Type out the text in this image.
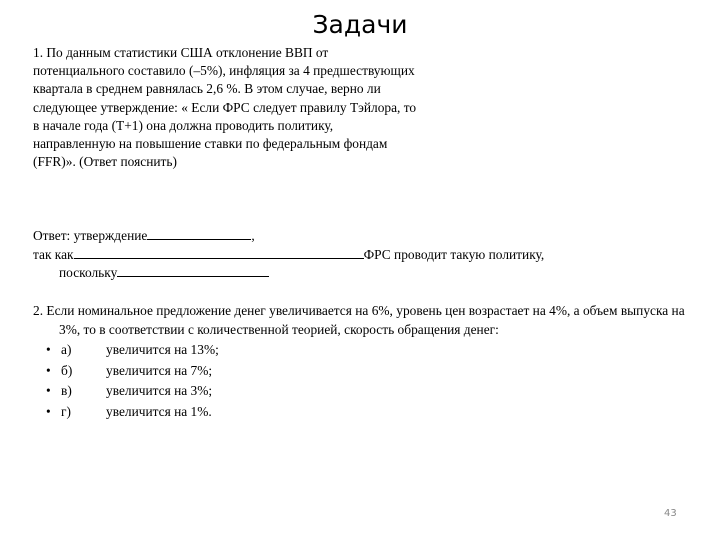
Задачи
1. По данным статистики США отклонение ВВП от
потенциального составило (–5%), инфляция за 4 предшествующих
квартала в среднем равнялась 2,6 %. В этом случае, верно ли
следующее утверждение: « Если ФРС следует правилу Тэйлора, то
в начале года (T+1) она должна проводить политику,
направленную на повышение ставки по федеральным фондам
(FFR)». (Ответ пояснить)
Ответ: утверждение	,
так как	ФРС проводит такую политику,
поскольку
2. Если номинальное предложение денег увеличивается на 6%, уровень цен возрастает на 4%, а объем выпуска на
3%, то в соответствии с количественной теорией, скорость обращения денег:
• а)	увеличится на 13%;
• б)	увеличится на 7%;
• в)	увеличится на 3%;
• г)	увеличится на 1%.
43
